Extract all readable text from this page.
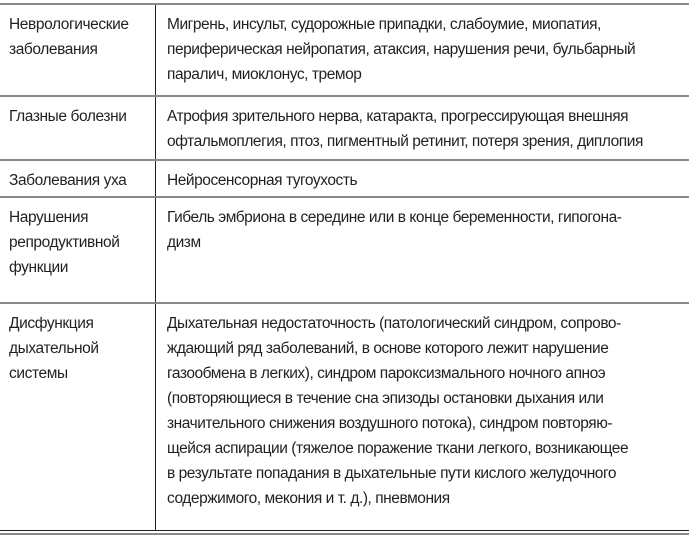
Неврологические
заболевания
Мигрень, инсульт, судорожные припадки, слабоумие, миопатия,
периферическая нейропатия, атаксия, нарушения речи, бульбарный
паралич, миоклонус, тремор
Глазные болезни	Атрофия зрительного нерва, катаракта, прогрессирующая внешняя
офтальмоплегия, птоз, пигментный ретинит, потеря зрения, диплопия
Заболевания уха	Нейросенсорная тугоухость
Нарушения
репродуктивной
функции
Гибель эмбриона в середине или в конце беременности, гипогона-
дизм
Дисфункция
дыхательной
системы
Дыхательная недостаточность (патологический синдром, сопрово-
ждающий ряд заболеваний, в основе которого лежит нарушение
газообмена в легких), синдром пароксизмального ночного апноэ
(повторяющиеся в течение сна эпизоды остановки дыхания или
значительного снижения воздушного потока), синдром повторяю-
щейся аспирации (тяжелое поражение ткани легкого, возникающее
в результате попадания в дыхательные пути кислого желудочного
содержимого, мекония и т. д.), пневмония
